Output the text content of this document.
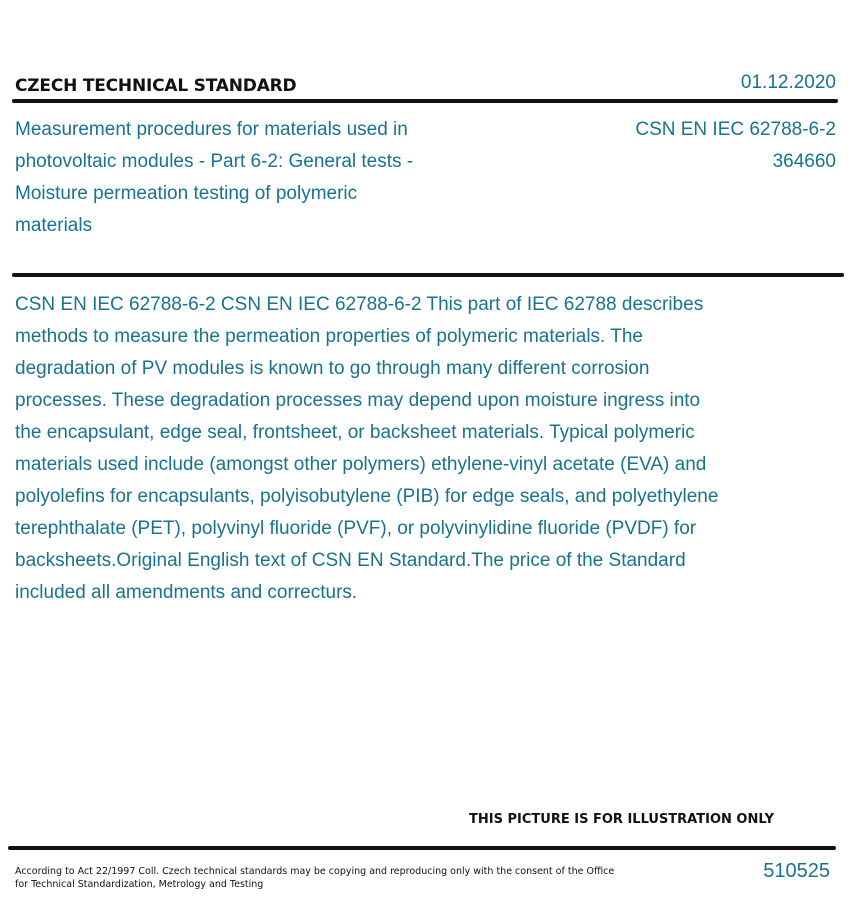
CZECH TECHNICAL STANDARD	01.12.2020
Measurement procedures for materials used in photovoltaic modules - Part 6-2: General tests - Moisture permeation testing of polymeric materials
CSN EN IEC 62788-6-2
364660
CSN EN IEC 62788-6-2 CSN EN IEC 62788-6-2 This part of IEC 62788 describes methods to measure the permeation properties of polymeric materials. The degradation of PV modules is known to go through many different corrosion processes. These degradation processes may depend upon moisture ingress into the encapsulant, edge seal, frontsheet, or backsheet materials. Typical polymeric materials used include (amongst other polymers) ethylene-vinyl acetate (EVA) and polyolefins for encapsulants, polyisobutylene (PIB) for edge seals, and polyethylene terephthalate (PET), polyvinyl fluoride (PVF), or polyvinylidine fluoride (PVDF) for backsheets.Original English text of CSN EN Standard.The price of the Standard included all amendments and correcturs.
THIS PICTURE IS FOR ILLUSTRATION ONLY
According to Act 22/1997 Coll. Czech technical standards may be copying and reproducing only with the consent of the Office
for Technical Standardization, Metrology and Testing
510525
